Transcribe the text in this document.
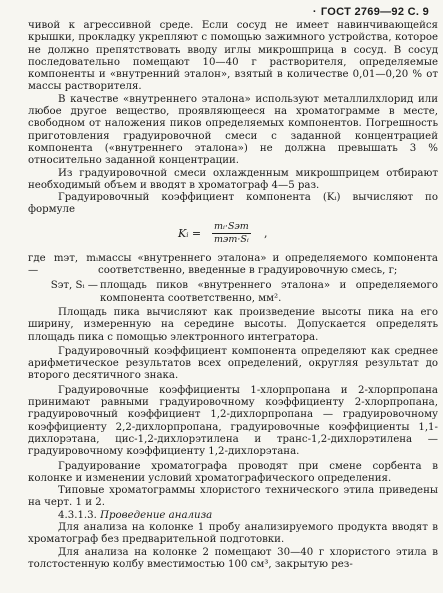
· ГОСТ 2769—92 С. 9

чивой к агрессивной среде. Если сосуд не имеет навинчивающейся крышки, прокладку укрепляют с помощью зажимного устройства, которое не должно препятствовать вводу иглы микрошприца в сосуд. В сосуд последовательно помещают 10—40 г растворителя, определяемые компоненты и «внутренний эталон», взятый в количестве 0,01—0,20 % от массы растворителя.

В качестве «внутреннего эталона» используют металлилхлорид или любое другое вещество, проявляющееся на хроматограмме в месте, свободном от наложения пиков определяемых компонентов. Погрешность приготовления градуировочной смеси с заданной концентрацией компонента («внутреннего эталона») не должна превышать 3 % относительно заданной концентрации.

Из градуировочной смеси охлажденным микрошприцем отбирают необходимый объем и вводят в хроматограф 4—5 раз.

Градуировочный коэффициент компонента (Kᵢ) вычисляют по формуле

Kᵢ =
mᵢ·Sэт
mэт·Sᵢ ,
где mэт, mᵢ —
массы «внутреннего эталона» и определяемого компонента соответственно, введенные в градуировочную смесь, г;
Sэт, Sᵢ — площадь пиков «внутреннего эталона» и определяемого компонента соответственно, мм².

Площадь пика вычисляют как произведение высоты пика на его ширину, измеренную на середине высоты. Допускается определять площадь пика с помощью электронного интегратора.

Градуировочный коэффициент компонента определяют как среднее арифметическое результатов всех определений, округляя результат до второго десятичного знака.

Градуировочные коэффициенты 1-хлорпропана и 2-хлорпропана принимают равными градуировочному коэффициенту 2-хлорпропана, градуировочный коэффициент 1,2-дихлорпропана — градуировочному коэффициенту 2,2-дихлорпропана, градуировочные коэффициенты 1,1-дихлорэтана, цис-1,2-дихлорэтилена и транс-1,2-дихлорэтилена — градуировочному коэффициенту 1,2-дихлорэтана.

Градуирование хроматографа проводят при смене сорбента в колонке и изменении условий хроматографического определения.

Типовые хроматограммы хлористого технического этила приведены на черт. 1 и 2.

4.3.1.3. Проведение анализа

Для анализа на колонке 1 пробу анализируемого продукта вводят в хроматограф без предварительной подготовки.

Для анализа на колонке 2 помещают 30—40 г хлористого этила в толстостенную колбу вместимостью 100 см³, закрытую рез-
